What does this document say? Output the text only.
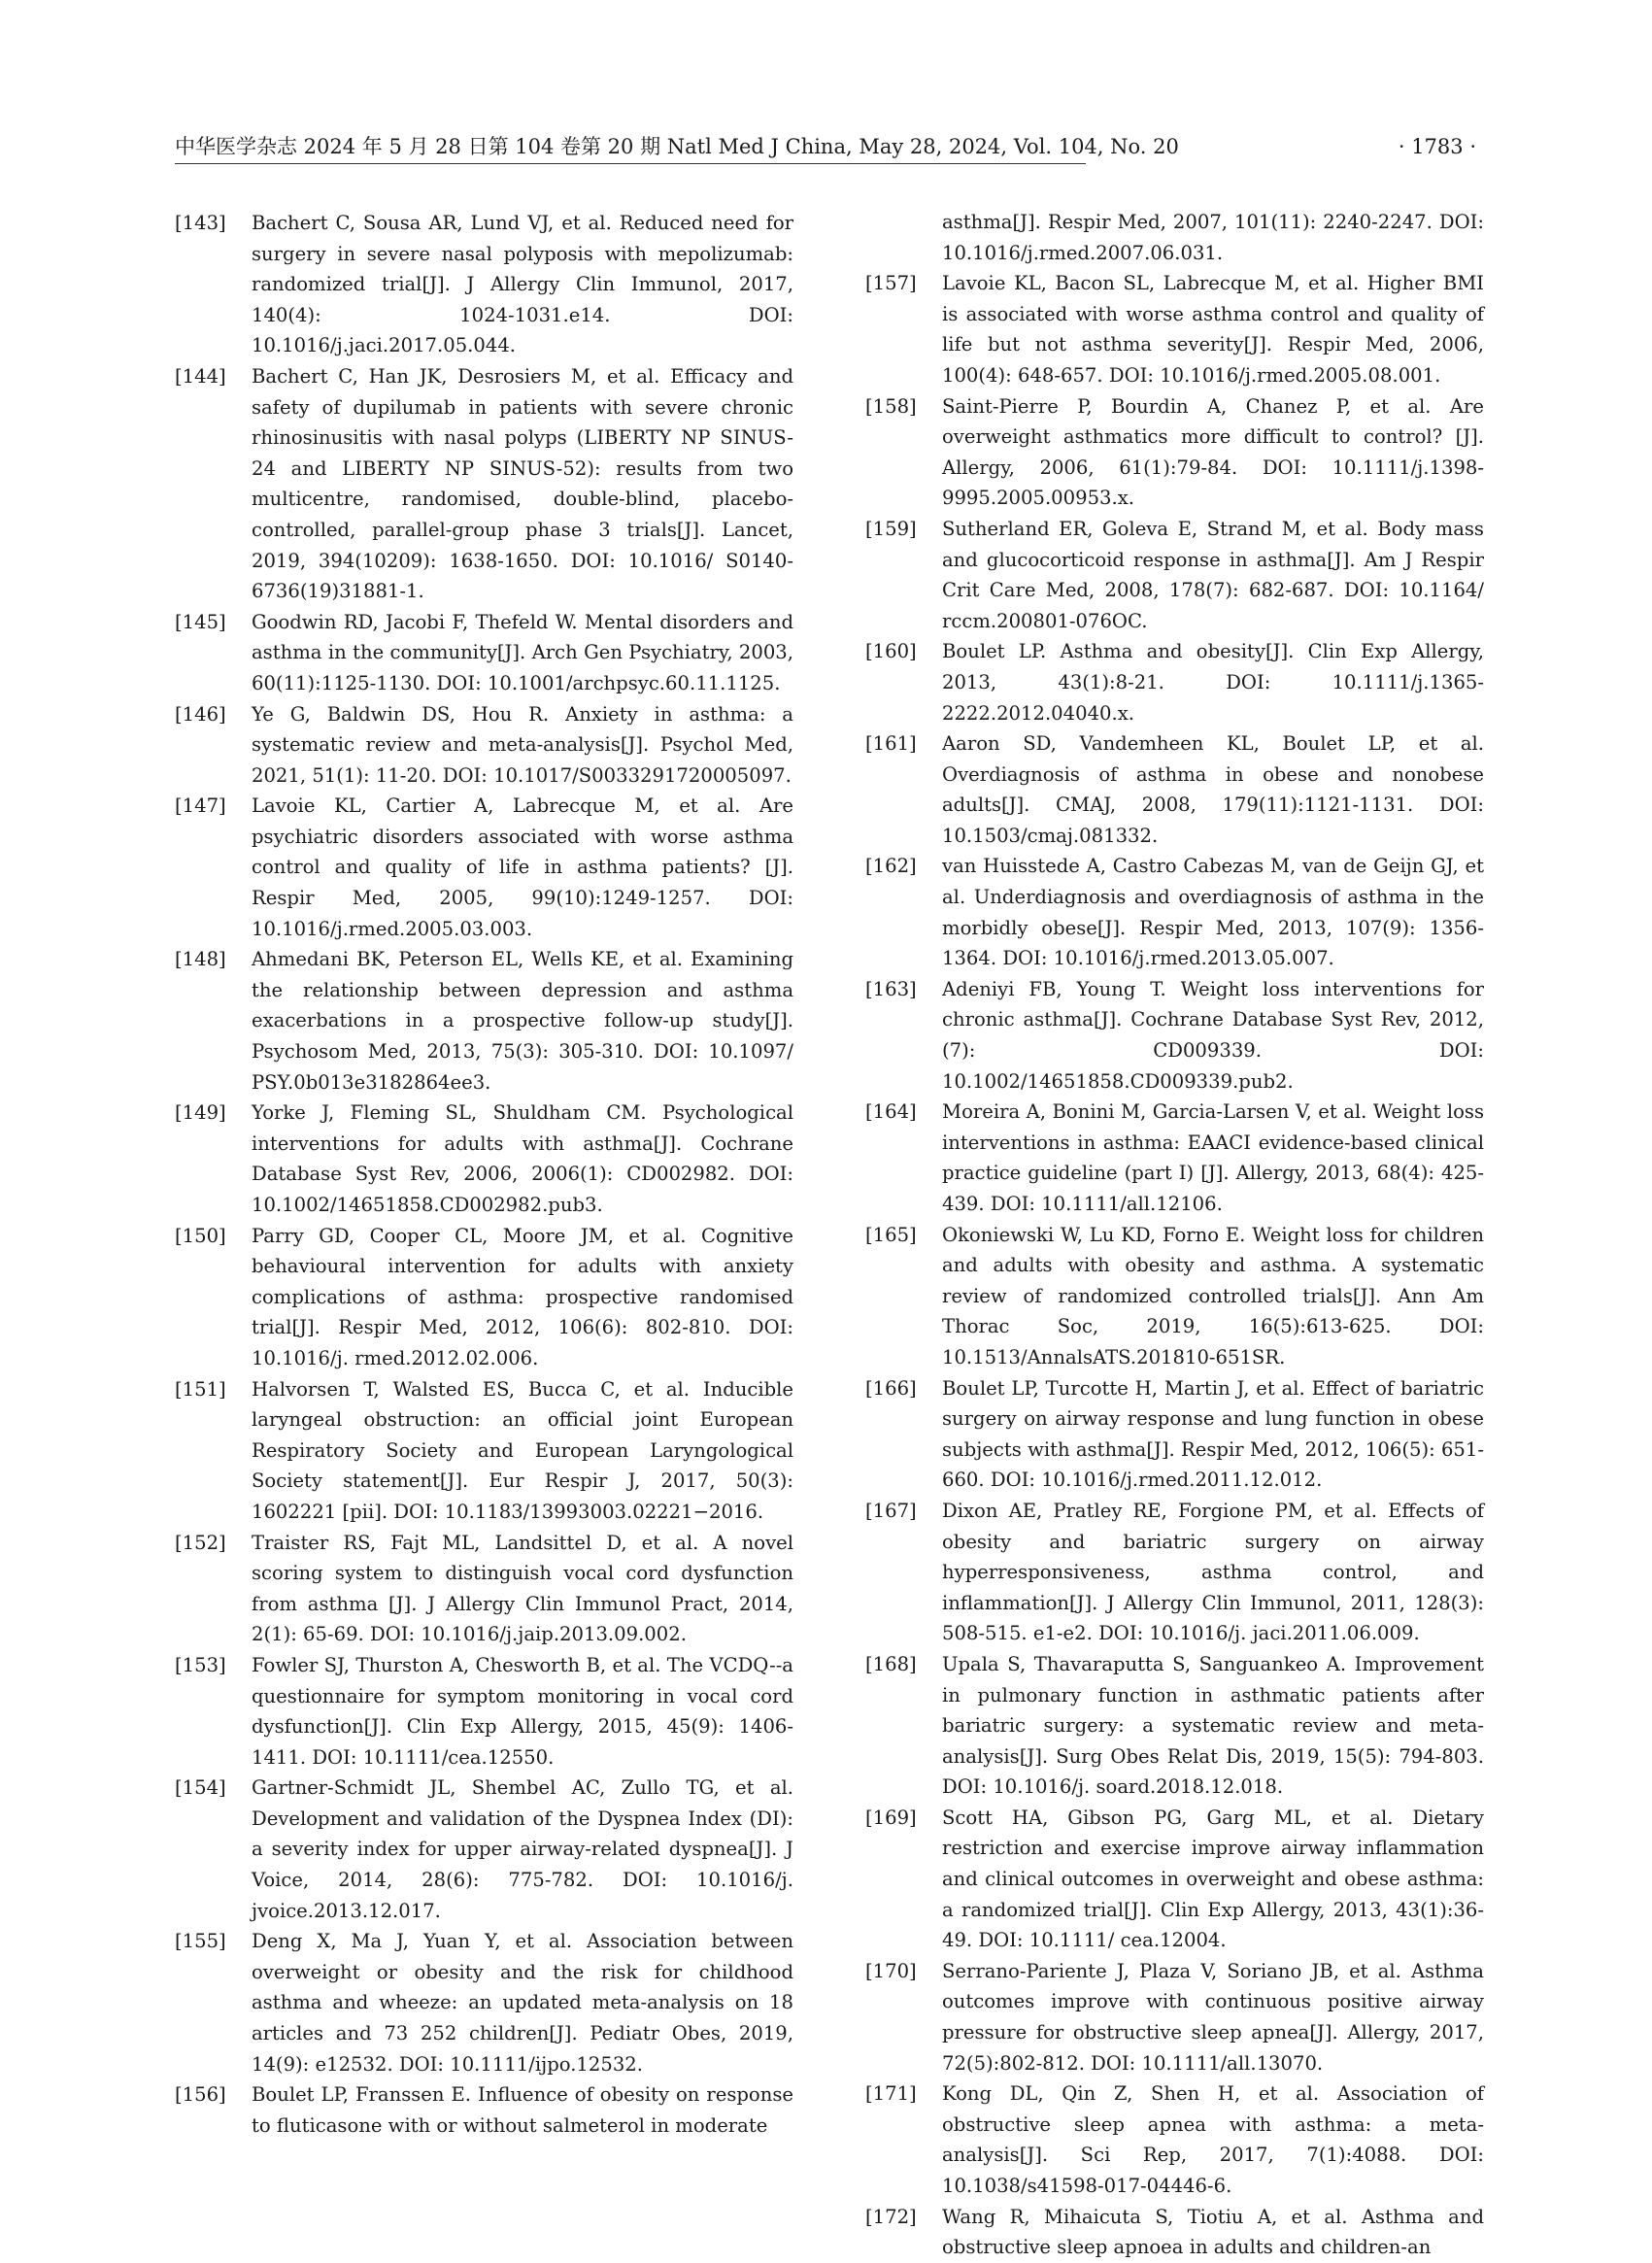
中华医学杂志 2024 年 5 月 28 日第 104 卷第 20 期 Natl Med J China, May 28, 2024, Vol. 104, No. 20	· 1783 ·
[143] Bachert C, Sousa AR, Lund VJ, et al. Reduced need for surgery in severe nasal polyposis with mepolizumab: randomized trial[J]. J Allergy Clin Immunol, 2017, 140(4): 1024-1031.e14. DOI: 10.1016/j.jaci.2017.05.044.
[144] Bachert C, Han JK, Desrosiers M, et al. Efficacy and safety of dupilumab in patients with severe chronic rhinosinusitis with nasal polyps (LIBERTY NP SINUS-24 and LIBERTY NP SINUS-52): results from two multicentre, randomised, double-blind, placebo-controlled, parallel-group phase 3 trials[J]. Lancet, 2019, 394(10209): 1638-1650. DOI: 10.1016/ S0140-6736(19)31881-1.
[145] Goodwin RD, Jacobi F, Thefeld W. Mental disorders and asthma in the community[J]. Arch Gen Psychiatry, 2003, 60(11):1125-1130. DOI: 10.1001/archpsyc.60.11.1125.
[146] Ye G, Baldwin DS, Hou R. Anxiety in asthma: a systematic review and meta-analysis[J]. Psychol Med, 2021, 51(1): 11-20. DOI: 10.1017/S0033291720005097.
[147] Lavoie KL, Cartier A, Labrecque M, et al. Are psychiatric disorders associated with worse asthma control and quality of life in asthma patients? [J]. Respir Med, 2005, 99(10):1249-1257. DOI: 10.1016/j.rmed.2005.03.003.
[148] Ahmedani BK, Peterson EL, Wells KE, et al. Examining the relationship between depression and asthma exacerbations in a prospective follow-up study[J]. Psychosom Med, 2013, 75(3): 305-310. DOI: 10.1097/ PSY.0b013e3182864ee3.
[149] Yorke J, Fleming SL, Shuldham CM. Psychological interventions for adults with asthma[J]. Cochrane Database Syst Rev, 2006, 2006(1): CD002982. DOI: 10.1002/14651858.CD002982.pub3.
[150] Parry GD, Cooper CL, Moore JM, et al. Cognitive behavioural intervention for adults with anxiety complications of asthma: prospective randomised trial[J]. Respir Med, 2012, 106(6): 802-810. DOI: 10.1016/j. rmed.2012.02.006.
[151] Halvorsen T, Walsted ES, Bucca C, et al. Inducible laryngeal obstruction: an official joint European Respiratory Society and European Laryngological Society statement[J]. Eur Respir J, 2017, 50(3): 1602221 [pii]. DOI: 10.1183/13993003.02221−2016.
[152] Traister RS, Fajt ML, Landsittel D, et al. A novel scoring system to distinguish vocal cord dysfunction from asthma [J]. J Allergy Clin Immunol Pract, 2014, 2(1): 65-69. DOI: 10.1016/j.jaip.2013.09.002.
[153] Fowler SJ, Thurston A, Chesworth B, et al. The VCDQ--a questionnaire for symptom monitoring in vocal cord dysfunction[J]. Clin Exp Allergy, 2015, 45(9): 1406-1411. DOI: 10.1111/cea.12550.
[154] Gartner-Schmidt JL, Shembel AC, Zullo TG, et al. Development and validation of the Dyspnea Index (DI): a severity index for upper airway-related dyspnea[J]. J Voice, 2014, 28(6): 775-782. DOI: 10.1016/j. jvoice.2013.12.017.
[155] Deng X, Ma J, Yuan Y, et al. Association between overweight or obesity and the risk for childhood asthma and wheeze: an updated meta-analysis on 18 articles and 73 252 children[J]. Pediatr Obes, 2019, 14(9): e12532. DOI: 10.1111/ijpo.12532.
[156] Boulet LP, Franssen E. Influence of obesity on response to fluticasone with or without salmeterol in moderate
asthma[J]. Respir Med, 2007, 101(11): 2240-2247. DOI: 10.1016/j.rmed.2007.06.031.
[157] Lavoie KL, Bacon SL, Labrecque M, et al. Higher BMI is associated with worse asthma control and quality of life but not asthma severity[J]. Respir Med, 2006, 100(4): 648-657. DOI: 10.1016/j.rmed.2005.08.001.
[158] Saint-Pierre P, Bourdin A, Chanez P, et al. Are overweight asthmatics more difficult to control? [J]. Allergy, 2006, 61(1):79-84. DOI: 10.1111/j.1398-9995.2005.00953.x.
[159] Sutherland ER, Goleva E, Strand M, et al. Body mass and glucocorticoid response in asthma[J]. Am J Respir Crit Care Med, 2008, 178(7): 682-687. DOI: 10.1164/ rccm.200801-076OC.
[160] Boulet LP. Asthma and obesity[J]. Clin Exp Allergy, 2013, 43(1):8-21. DOI: 10.1111/j.1365-2222.2012.04040.x.
[161] Aaron SD, Vandemheen KL, Boulet LP, et al. Overdiagnosis of asthma in obese and nonobese adults[J]. CMAJ, 2008, 179(11):1121-1131. DOI: 10.1503/cmaj.081332.
[162] van Huisstede A, Castro Cabezas M, van de Geijn GJ, et al. Underdiagnosis and overdiagnosis of asthma in the morbidly obese[J]. Respir Med, 2013, 107(9): 1356-1364. DOI: 10.1016/j.rmed.2013.05.007.
[163] Adeniyi FB, Young T. Weight loss interventions for chronic asthma[J]. Cochrane Database Syst Rev, 2012, (7): CD009339. DOI: 10.1002/14651858.CD009339.pub2.
[164] Moreira A, Bonini M, Garcia-Larsen V, et al. Weight loss interventions in asthma: EAACI evidence-based clinical practice guideline (part I) [J]. Allergy, 2013, 68(4): 425-439. DOI: 10.1111/all.12106.
[165] Okoniewski W, Lu KD, Forno E. Weight loss for children and adults with obesity and asthma. A systematic review of randomized controlled trials[J]. Ann Am Thorac Soc, 2019, 16(5):613-625. DOI: 10.1513/AnnalsATS.201810-651SR.
[166] Boulet LP, Turcotte H, Martin J, et al. Effect of bariatric surgery on airway response and lung function in obese subjects with asthma[J]. Respir Med, 2012, 106(5): 651-660. DOI: 10.1016/j.rmed.2011.12.012.
[167] Dixon AE, Pratley RE, Forgione PM, et al. Effects of obesity and bariatric surgery on airway hyperresponsiveness, asthma control, and inflammation[J]. J Allergy Clin Immunol, 2011, 128(3): 508-515. e1-e2. DOI: 10.1016/j. jaci.2011.06.009.
[168] Upala S, Thavaraputta S, Sanguankeo A. Improvement in pulmonary function in asthmatic patients after bariatric surgery: a systematic review and meta-analysis[J]. Surg Obes Relat Dis, 2019, 15(5): 794-803. DOI: 10.1016/j. soard.2018.12.018.
[169] Scott HA, Gibson PG, Garg ML, et al. Dietary restriction and exercise improve airway inflammation and clinical outcomes in overweight and obese asthma: a randomized trial[J]. Clin Exp Allergy, 2013, 43(1):36-49. DOI: 10.1111/ cea.12004.
[170] Serrano-Pariente J, Plaza V, Soriano JB, et al. Asthma outcomes improve with continuous positive airway pressure for obstructive sleep apnea[J]. Allergy, 2017, 72(5):802-812. DOI: 10.1111/all.13070.
[171] Kong DL, Qin Z, Shen H, et al. Association of obstructive sleep apnea with asthma: a meta-analysis[J]. Sci Rep, 2017, 7(1):4088. DOI: 10.1038/s41598-017-04446-6.
[172] Wang R, Mihaicuta S, Tiotiu A, et al. Asthma and obstructive sleep apnoea in adults and children-an
